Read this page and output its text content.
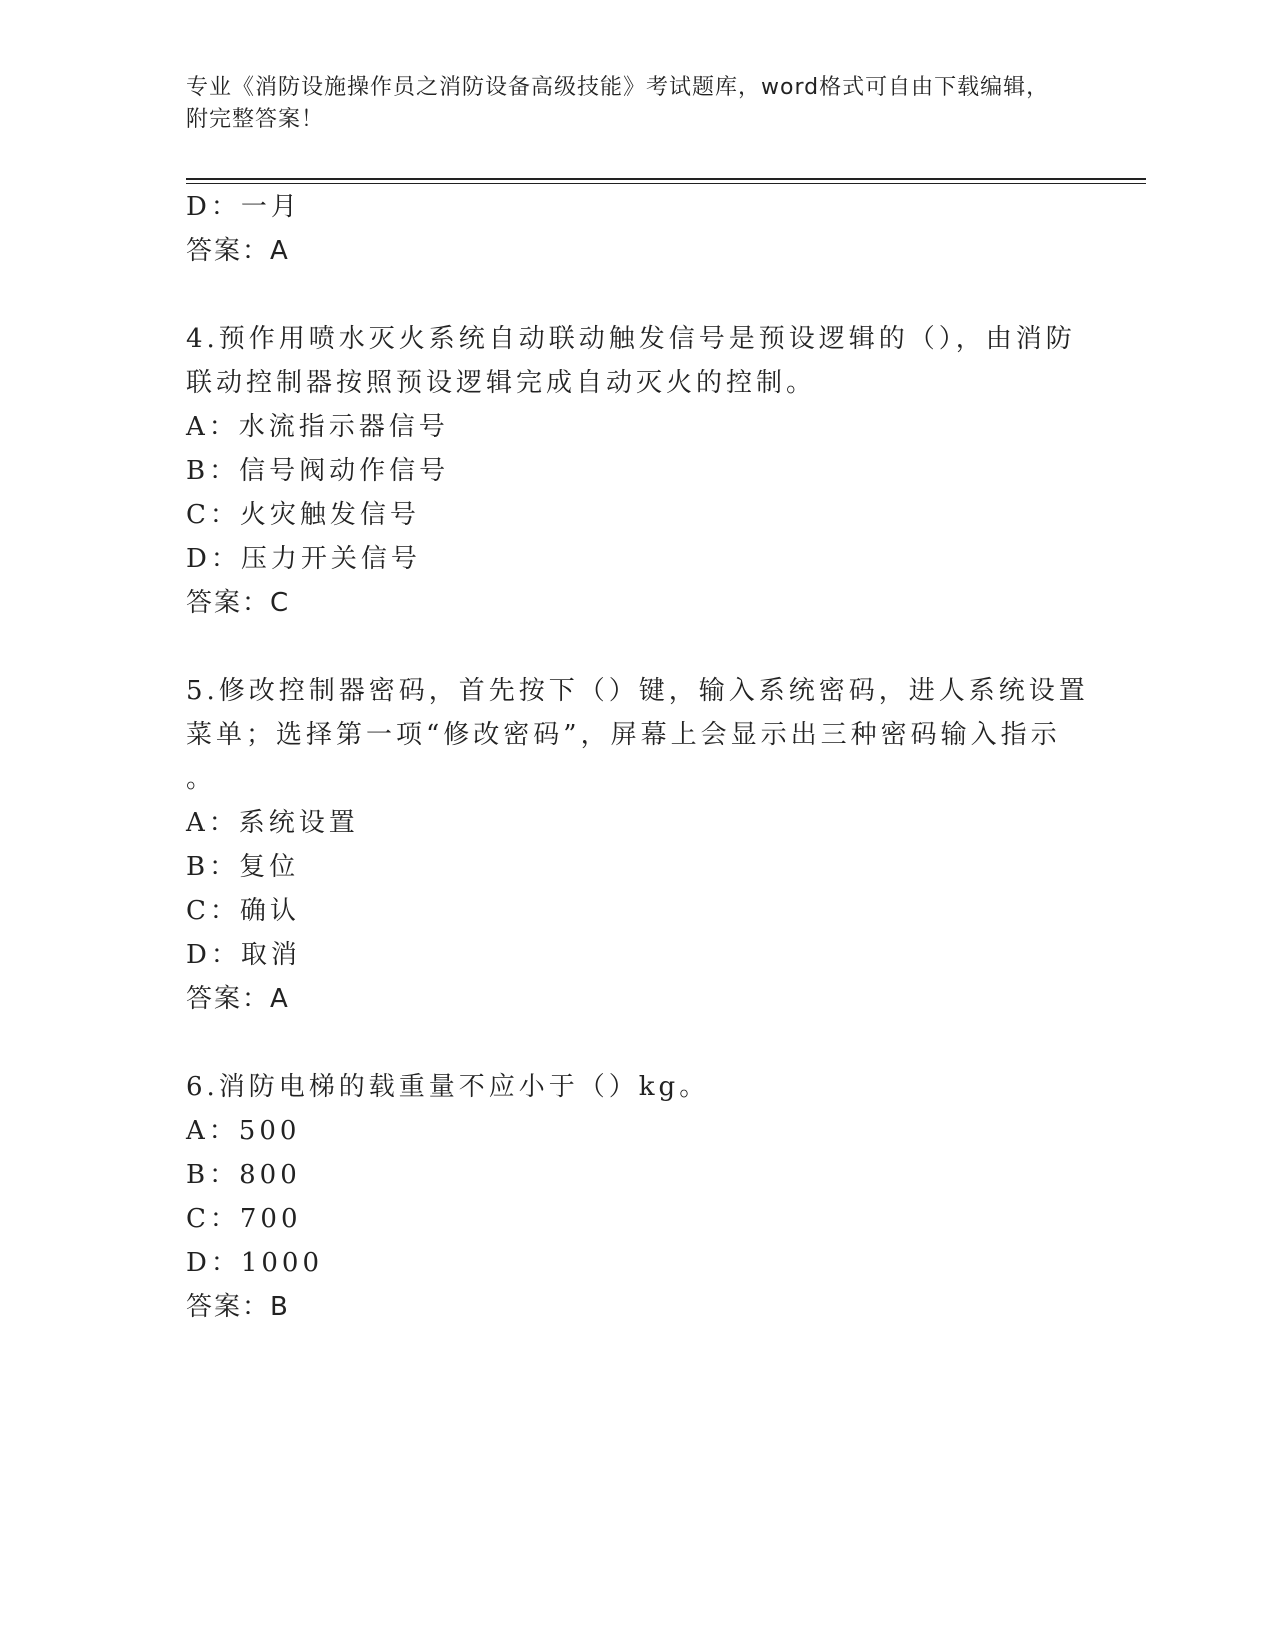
专业《消防设施操作员之消防设备高级技能》考试题库，word格式可自由下载编辑，附完整答案！
D：一月
答案：A
4.预作用喷水灭火系统自动联动触发信号是预设逻辑的（），由消防
联动控制器按照预设逻辑完成自动灭火的控制。
A：水流指示器信号
B：信号阀动作信号
C：火灾触发信号
D：压力开关信号
答案：C
5.修改控制器密码，首先按下（）键，输入系统密码，进人系统设置
菜单；选择第一项“修改密码”，屏幕上会显示出三种密码输入指示
。
A：系统设置
B：复位
C：确认
D：取消
答案：A
6.消防电梯的载重量不应小于（）kg。
A：500
B：800
C：700
D：1000
答案：B
